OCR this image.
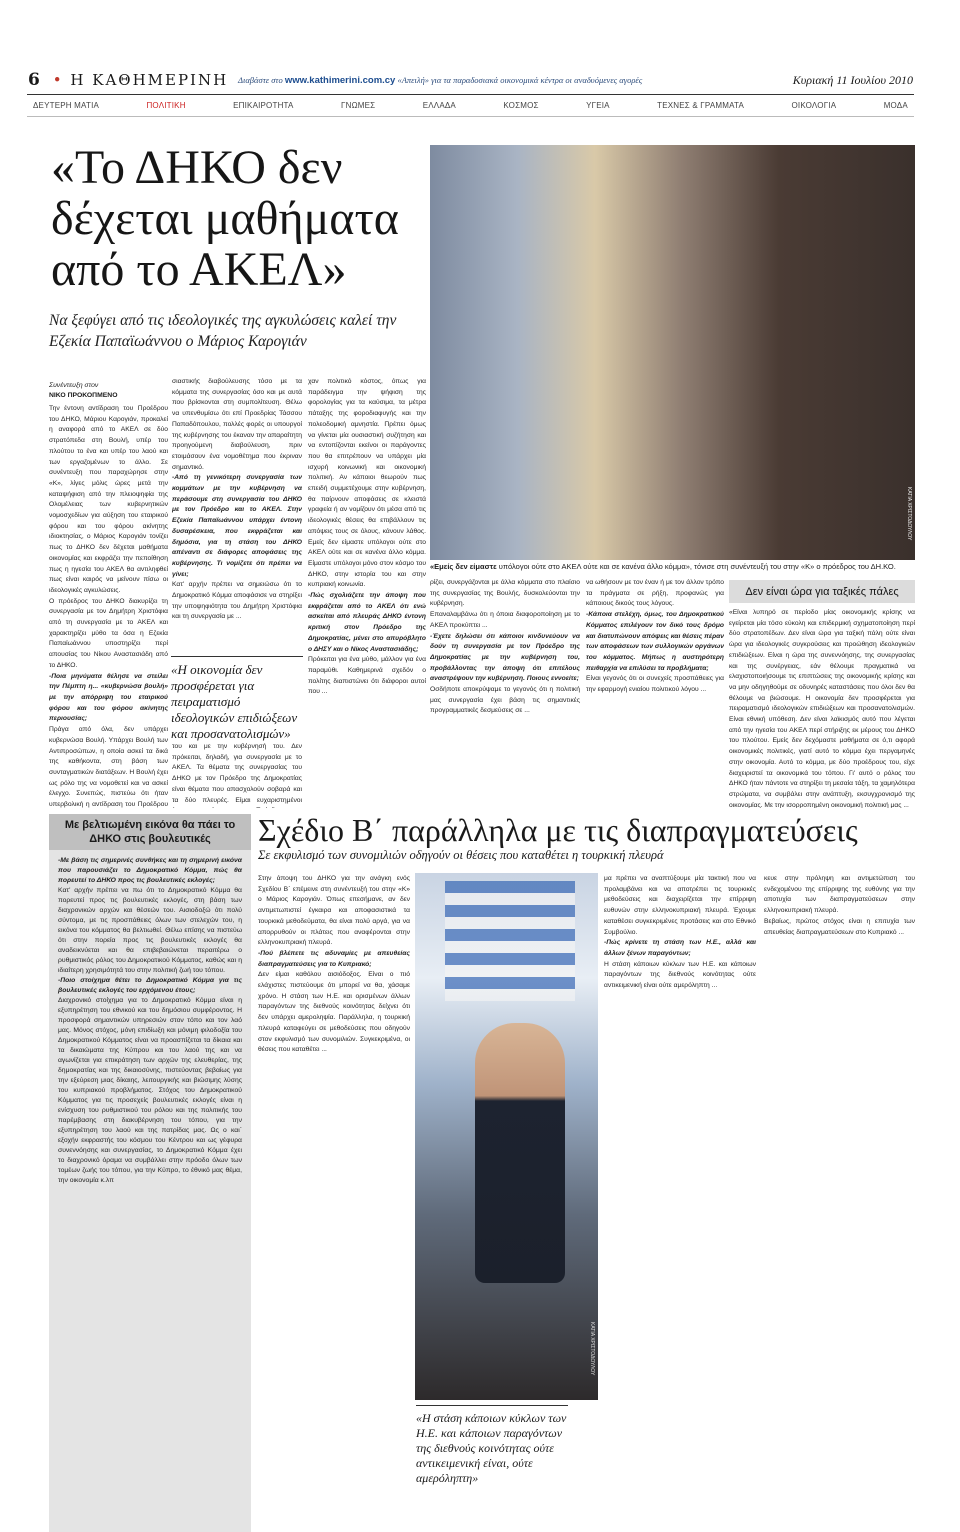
6 • Η ΚΑΘΗΜΕΡΙΝΗ Διαβάστε στο www.kathimerini.com.cy «Απειλή» για τα παραδοσιακά οικονομικά κέντρα οι αναδυόμενες αγορές	Κυριακή 11 Ιουλίου 2010
ΔΕΥΤΕΡΗ ΜΑΤΙΑ	ΠΟΛΙΤΙΚΗ	ΕΠΙΚΑΙΡΟΤΗΤΑ	ΓΝΩΜΕΣ	ΕΛΛΑΔΑ	ΚΟΣΜΟΣ	ΥΓΕΙΑ	ΤΕΧΝΕΣ & ΓΡΑΜΜΑΤΑ	ΟΙΚΟΛΟΓΙΑ	ΜΟΔΑ
«Το ΔΗΚΟ δεν
δέχεται μαθήματα
από το ΑΚΕΛ»
Να ξεφύγει από τις ιδεολογικές της αγκυλώσεις καλεί την Εζεκία Παπαϊωάννου ο Μάριος Καρογιάν
ΚΑΤΙΑ ΧΡΙΣΤΟΔΟΥΛΟΥ
«Εμείς δεν είμαστε υπόλογοι ούτε στο ΑΚΕΛ ούτε και σε κανένα άλλο κόμμα», τόνισε στη συνέντευξή του στην «Κ» ο πρόεδρος του ΔΗ.ΚΟ.
Συνέντευξη στον
ΝΙΚΟ ΠΡΟΚΟΠΜΕΝΟ

Την έντονη αντίδραση του Προέδρου του ΔΗΚΟ, Μάριου Καρογιάν, προκαλεί η αναφορά από το ΑΚΕΛ σε δύο στρατόπεδα στη Βουλή, υπέρ του πλούτου το ένα και υπέρ του λαού και των εργαζομένων το άλλο. Σε συνέντευξη που παραχώρησε στην «Κ», λίγες μόλις ώρες μετά την καταψήφιση από την πλειοψηφία της Ολομέλειας των κυβερνητικών νομοσχεδίων για αύξηση του εταιρικού φόρου και του φόρου ακίνητης ιδιοκτησίας, ο Μάριος Καρογιάν τονίζει πως το ΔΗΚΟ δεν δέχεται μαθήματα οικονομίας και εκφράζει την πεποίθηση πως η ηγεσία του ΑΚΕΛ θα αντιληφθεί πως είναι καιρός να μείνουν πίσω οι ιδεολογικές αγκυλώσεις.

Ο πρόεδρος του ΔΗΚΟ διακυρίζει τη συνεργασία με τον Δημήτρη Χριστόφια από τη συνεργασία με το ΑΚΕΛ και χαρακτηρίζει μύθο τα όσα η Εζεκία Παπαϊωάννου υποστηρίζει περί απουσίας του Νίκου Αναστασιάδη από το ΔΗΚΟ.

-Ποια μηνύματα θέλησε να στείλει την Πέμπτη η... «κυβερνώσα βουλή» με την απόρριψη του εταιρικού φόρου και του φόρου ακίνητης περιουσίας;

Πράγα από όλα, δεν υπάρχει κυβερνώσα Βουλή. Υπάρχει Βουλή των Αντιπροσώπων, η οποία ασκεί τα δικά της καθήκοντα, στη βάση των συνταγματικών διατάξεων. Η Βουλή έχει ως ρόλο της να νομοθετεί και να ασκεί έλεγχο. Συνεπώς, πιστεύω ότι ήταν υπερβολική η αντίδραση του Προέδρου

σιαστικής διαβούλευσης τόσο με τα κόμματα της συνεργασίας όσο και με αυτά που βρίσκονται στη συμπολίτευση. Θέλω να υπενθυμίσω ότι επί Προεδρίας Τάσσου Παπαδόπουλου, πολλές φορές οι υπουργοί της κυβέρνησης του έκαναν την απαραίτητη προηγούμενη διαβούλευση, πριν ετοιμάσουν ένα νομοθέτημα που έκριναν σημαντικό.

-Από τη γενικότερη συνεργασία των κομμάτων με την κυβέρνηση να περάσουμε στη συνεργασία του ΔΗΚΟ με τον Πρόεδρο και το ΑΚΕΛ. Στην Εζεκία Παπαϊωάννου υπάρχει έντονη δυσαρέσκεια, που εκφράζεται και δημόσια, για τη στάση του ΔΗΚΟ απέναντι σε διάφορες αποφάσεις της κυβέρνησης. Τι νομίζετε ότι πρέπει να γίνει;

Κατ' αρχήν πρέπει να σημειώσω ότι το Δημοκρατικό Κόμμα αποφάσισε να στηρίξει την υποψηφιότητα του Δημήτρη Χριστόφια και τη συνεργασία με ...

«Η οικονομία δεν προσφέρεται για πειραματισμό ιδεολογικών επιδιώξεων και προσανατολισμών»

του και με την κυβέρνησή του. Δεν πρόκειται, δηλαδή, για συνεργασία με το ΑΚΕΛ. Τα θέματα της συνεργασίας του ΔΗΚΟ με τον Πρόεδρο της Δημοκρατίας είναι θέματα που απασχολούν σοβαρά και τα δύο πλευρές. Είμαι ευχαριστημένοι

χαν πολιτικό κόστος, όπως για παράδειγμα την ψήφιση της φορολογίας για τα καύσιμα, τα μέτρα πάταξης της φοροδιαφυγής και την πολεοδομική αμνηστία. Πρέπει όμως να γίνεται μία ουσιαστική συζήτηση και να εντοπίζονται εκείνοι οι παράγοντες που θα επιτρέπουν να υπάρχει μία ισχυρή κοινωνική και οικονομική πολιτική. Αν κάποιοι θεωρούν πως επειδή συμμετέχουμε στην κυβέρνηση, θα παίρνουν αποφάσεις σε κλειστά γραφεία ή αν νομίζουν ότι μέσα από τις ιδεολογικές θέσεις θα επιβάλλουν τις απόψεις τους σε όλους, κάνουν λάθος. Εμείς δεν είμαστε υπόλογοι ούτε στο ΑΚΕΛ ούτε και σε κανένα άλλο κόμμα. Είμαστε υπόλογοι μόνο στον κόσμο του ΔΗΚΟ, στην ιστορία του και στην κυπριακή κοινωνία.

-Πώς σχολιάζετε την άποψη που εκφράζεται από το ΑΚΕΛ ότι ενώ ασκείται από πλευράς ΔΗΚΟ έντονη κριτική στον Πρόεδρο της Δημοκρατίας, μένει στο απυρόβλητο ο ΔΗΣΥ και ο Νίκος Αναστασιάδης;

Πρόκειται για ένα μύθο, μάλλον για ένα παραμύθι. Καθημερινά σχεδόν ο πολίτης διαπιστώνει ότι διάφοροι αυτοί που ...

ρίζει, συνεργάζονται με άλλα κόμματα στο πλαίσιο της συνεργασίας της Βουλής, δυσκολεύονται την κυβέρνηση.

Επαναλαμβάνω ότι η όποια διαφοροποίηση με το ΑΚΕΛ προκύπτει ...

-Έχετε δηλώσει ότι κάποιοι κινδυνεύουν να δούν τη συνεργασία με τον Πρόεδρο της Δημοκρατίας με την κυβέρνηση του, προβάλλοντας την άποψη ότι επιτέλους αναστρέψουν την κυβέρνηση. Ποιους εννοείτε;

Οσδήποτε αποκρύψαμε το γεγονός ότι η πολιτική μας συνεργασία έχει βάση τις σημαντικές προγραμματικές δεσμεύσεις σε ...

να ωθήσουν με τον έναν ή με τον άλλον τρόπο τα πράγματα σε ρήξη, προφανώς για κάποιους δικούς τους λόγους.

-Κάποια στελέχη, όμως, του Δημοκρατικού Κόμματος επιλέγουν τον δικό τους δρόμο και διατυπώνουν απόψεις και θέσεις πέραν των αποφάσεων των συλλογικών οργάνων του κόμματος. Μήπως η αυστηρότερη πειθαρχία να επιλύσει τα προβλήματα;

Είναι γεγονός ότι οι συνεχείς προσπάθειες για την εφαρμογή ενιαίου πολιτικού λόγου ...

Δεν είναι ώρα για ταξικές πάλες

«Είναι λυπηρό σε περίοδο μίας οικονομικής κρίσης να εγείρεται μία τόσο εύκολη και επιδερμική σχηματοποίηση περί δύο στρατοπέδων. Δεν είναι ώρα για ταξική πάλη ούτε είναι ώρα για ιδεολογικές συγκρούσεις και προώθηση ιδεολογικών επιδιώξεων. Είναι η ώρα της συνεννόησης, της συνεργασίας και της συνέργειας, εάν θέλουμε πραγματικά να ελαχιστοποιήσουμε τις επιπτώσεις της οικονομικής κρίσης και να μην οδηγηθούμε σε οδυνηρές καταστάσεις που όλοι δεν θα θέλουμε να βιώσουμε. Η οικονομία δεν προσφέρεται για πειραματισμό ιδεολογικών επιδιώξεων και προσανατολισμών. Είναι εθνική υπόθεση. Δεν είναι λαϊκισμός αυτό που λέγεται από την ηγεσία του ΑΚΕΛ περί στήριξης εκ μέρους του ΔΗΚΟ του πλούτου. Εμείς δεν δεχόμαστε μαθήματα σε ό,τι αφορά οικονομικές πολιτικές, γιατί αυτό το κόμμα έχει περγαμηνές στην οικονομία. Αυτό το κόμμα, με δύο προέδρους του, είχε διαχειριστεί τα οικονομικά του τόπου. Γι' αυτό ο ρόλος του ΔΗΚΟ ήταν πάντοτε να στηρίξει τη μεσαία τάξη, τα χαμηλότερα στρώματα, να συμβάλει στην ανάπτυξη, εκσυγχρονισμό της οικονομίας. Με την ισορροπημένη οικονομική πολιτική μας ...

Με βελτιωμένη εικόνα θα πάει το ΔΗΚΟ στις βουλευτικές

-Με βάση τις σημερινές συνθήκες και τη σημερινή εικόνα που παρουσιάζει το Δημοκρατικό Κόμμα, πώς θα πορευτεί το ΔΗΚΟ προς τις βουλευτικές εκλογές;

Κατ' αρχήν πρέπει να πω ότι το Δημοκρατικό Κόμμα θα πορευτεί προς τις βουλευτικές εκλογές, στη βάση των διαχρονικών αρχών και θέσεών του. Αισιοδοξώ ότι πολύ σύντομα, με τις προσπάθειες όλων των στελεχών του, η εικόνα του κόμματος θα βελτιωθεί. Θέλω επίσης να πιστεύω ότι στην πορεία προς τις βουλευτικές εκλογές θα αναδεικνύεται και θα επιβεβαιώνεται περαιτέρω ο ρυθμιστικός ρόλος του Δημοκρατικού Κόμματος, καθώς και η ιδιαίτερη χρησιμότητά του στην πολιτική ζωή του τόπου.

-Ποιο στοίχημα θέτει το Δημοκρατικό Κόμμα για τις βουλευτικές εκλογές του ερχόμενου έτους;

Διαχρονικό στοίχημα για το Δημοκρατικό Κόμμα είναι η εξυπηρέτηση του εθνικού και του δημόσιου συμφέροντος. Η προσφορά σημαντικών υπηρεσιών στον τόπο και τον λαό μας. Μόνος στόχος, μόνη επιδίωξη και μόνιμη φιλοδοξία του Δημοκρατικού Κόμματος είναι να προασπίζεται τα δίκαια και τα δικαιώματα της Κύπρου και του λαού της και να αγωνίζεται για επικράτηση των αρχών της ελευθερίας, της δημοκρατίας και της δικαιοσύνης, πιστεύοντας βεβαίως για την εξεύρεση μιας δίκαιης, λειτουργικής και βιώσιμης λύσης του κυπριακού προβλήματος. Στόχος του Δημοκρατικού Κόμματος για τις προσεχείς βουλευτικές εκλογές είναι η ενίσχυση του ρυθμιστικού του ρόλου και της πολιτικής του παρέμβασης στη διακυβέρνηση του τόπου, για την εξυπηρέτηση του λαού και της πατρίδας μας. Ως ο και΄ εξοχήν εκφραστής του κόσμου του Κέντρου και ως γέφυρα συνεννόησης και συνεργασίας, το Δημοκρατικό Κόμμα έχει το διαχρονικό όραμα να συμβάλλει στην πρόοδο όλων των τομέων ζωής του τόπου, για την Κύπρο, το έθνικό μας θέμα, την οικονομία κ.λπ

Σχέδιο Β΄ παράλληλα με τις διαπραγματεύσεις
Σε εκφυλισμό των συνομιλιών οδηγούν οι θέσεις που καταθέτει η τουρκική πλευρά

Στην άποψη του ΔΗΚΟ για την ανάγκη ενός Σχεδίου Β΄ επέμεινε στη συνέντευξή του στην «Κ» ο Μάριος Καρογιάν. Όπως επεσήμανε, αν δεν αντιμετωπιστεί έγκαιρα και αποφασιστικά τα τουρκικά μεθοδεύματα, θα είναι πολύ αργά, για να απορρυθούν οι πλάτεις που αναφέρονται στην ελληνοκυπριακή πλευρά.

-Πού βλέπετε τις αδυναμίες με απευθείας διαπραγματεύσεις για το Κυπριακό;

Δεν είμαι καθόλου αισιόδοξος. Είναι ο πιό ελάχιστες πιστεύουμε ότι μπορεί να θα, χάσαμε χρόνο. Η στάση των Η.Ε. και ορισμένων άλλων παραγόντων της διεθνούς κοινότητας δείχνει ότι δεν υπάρχει αμεροληψία. Παράλληλα, η τουρκική πλευρά καταφεύγει σε μεθοδεύσεις που οδηγούν στον εκφυλισμό των συνομιλιών. Συγκεκριμένα, οι θέσεις που καταθέτει ...

ΚΑΤΙΑ ΧΡΙΣΤΟΔΟΥΛΟΥ
«Η στάση κάποιων κύκλων των Η.Ε. και κάποιων παραγόντων της διεθνούς κοινότητας ούτε αντικειμενική είναι, ούτε αμερόληπτη»

μα πρέπει να αναπτύξουμε μία τακτική που να προλαμβάνει και να αποτρέπει τις τουρκικές μεθοδεύσεις και διαχειρίζεται την επίρριψη ευθυνών στην ελληνοκυπριακή πλευρά. Έχουμε καταθέσει συγκεκριμένες προτάσεις και στο Εθνικό Συμβούλιο.

-Πώς κρίνετε τη στάση των Η.Ε., αλλά και άλλων ξένων παραγόντων;

Η στάση κάποιων κύκλων των Η.Ε. και κάποιων παραγόντων της διεθνούς κοινότητας ούτε αντικειμενική είναι ούτε αμερόληπτη ...

κευε στην πρόληψη και αντιμετώπιση του ενδεχομένου της επίρριψης της ευθύνης για την αποτυχία των διαπραγματεύσεων στην ελληνοκυπριακή πλευρά.

Βεβαίως, πρώτος στόχος είναι η επιτυχία των απευθείας διαπραγματεύσεων στο Κυπριακό ...
